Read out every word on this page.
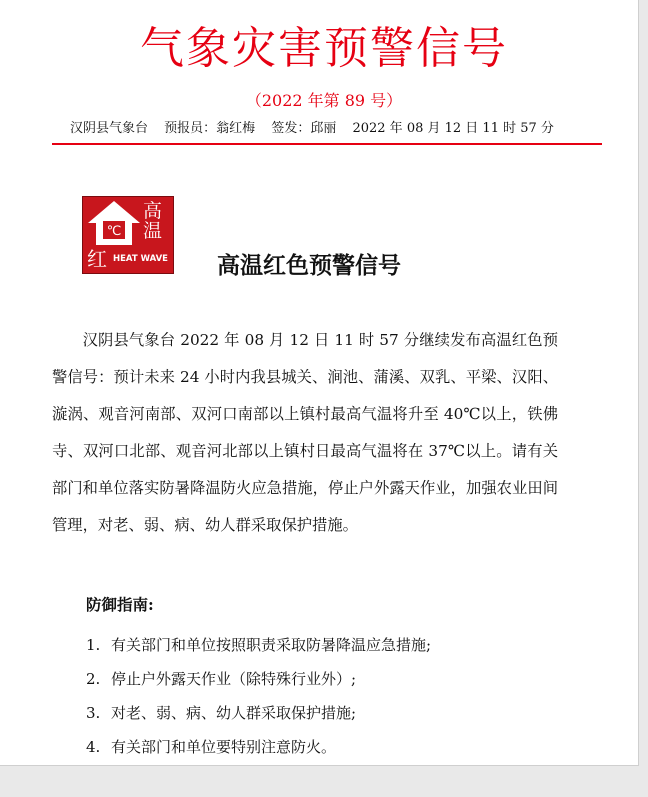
气象灾害预警信号
（2022 年第 89 号）
汉阴县气象台 预报员：翁红梅 签发：邱丽 2022 年 08 月 12 日 11 时 57 分
℃
高
温
红 HEAT WAVE 高温红色预警信号
汉阴县气象台 2022 年 08 月 12 日 11 时 57 分继续发布高温红色预警信号：预计未来 24 小时内我县城关、涧池、蒲溪、双乳、平梁、汉阳、漩涡、观音河南部、双河口南部以上镇村最高气温将升至 40℃以上，铁佛寺、双河口北部、观音河北部以上镇村日最高气温将在 37℃以上。请有关部门和单位落实防暑降温防火应急措施，停止户外露天作业，加强农业田间管理，对老、弱、病、幼人群采取保护措施。
防御指南:
1. 有关部门和单位按照职责采取防暑降温应急措施;
2. 停止户外露天作业（除特殊行业外）;
3. 对老、弱、病、幼人群采取保护措施;
4. 有关部门和单位要特别注意防火。
